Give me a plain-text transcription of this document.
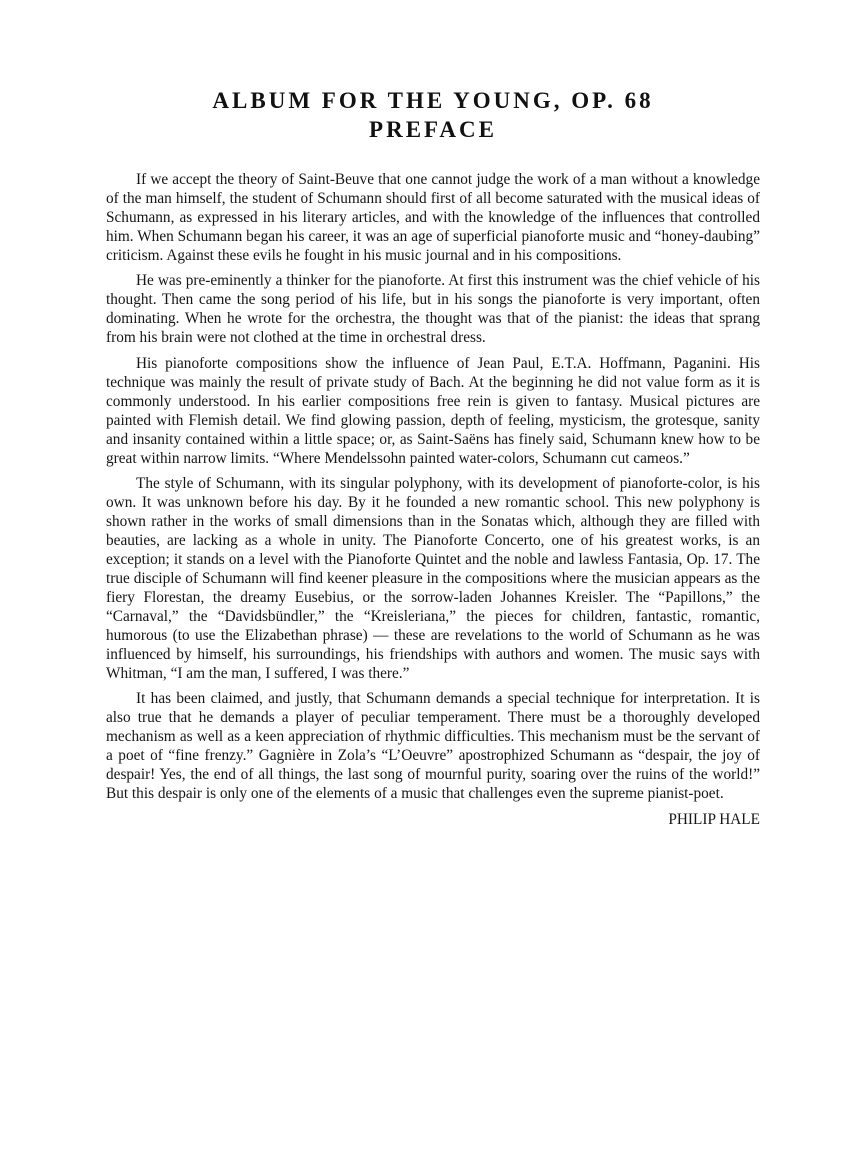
ALBUM FOR THE YOUNG, OP. 68
PREFACE

If we accept the theory of Saint-Beuve that one cannot judge the work of a man without a knowledge of the man himself, the student of Schumann should first of all become saturated with the musical ideas of Schumann, as expressed in his literary articles, and with the knowledge of the influences that controlled him. When Schumann began his career, it was an age of superficial pianoforte music and “honey-daubing” criticism. Against these evils he fought in his music journal and in his compositions.

He was pre-eminently a thinker for the pianoforte. At first this instrument was the chief vehicle of his thought. Then came the song period of his life, but in his songs the pianoforte is very important, often dominating. When he wrote for the orchestra, the thought was that of the pianist: the ideas that sprang from his brain were not clothed at the time in orchestral dress.

His pianoforte compositions show the influence of Jean Paul, E.T.A. Hoffmann, Paganini. His technique was mainly the result of private study of Bach. At the beginning he did not value form as it is commonly understood. In his earlier compositions free rein is given to fantasy. Musical pictures are painted with Flemish detail. We find glowing passion, depth of feeling, mysticism, the grotesque, sanity and insanity contained within a little space; or, as Saint-Saëns has finely said, Schumann knew how to be great within narrow limits. “Where Mendelssohn painted water-colors, Schumann cut cameos.”

The style of Schumann, with its singular polyphony, with its development of pianoforte-color, is his own. It was unknown before his day. By it he founded a new romantic school. This new polyphony is shown rather in the works of small dimensions than in the Sonatas which, although they are filled with beauties, are lacking as a whole in unity. The Pianoforte Concerto, one of his greatest works, is an exception; it stands on a level with the Pianoforte Quintet and the noble and lawless Fantasia, Op. 17. The true disciple of Schumann will find keener pleasure in the compositions where the musician appears as the fiery Florestan, the dreamy Eusebius, or the sorrow-laden Johannes Kreisler. The “Papillons,” the “Carnaval,” the “Davidsbündler,” the “Kreisleriana,” the pieces for children, fantastic, romantic, humorous (to use the Elizabethan phrase) — these are revelations to the world of Schumann as he was influenced by himself, his surroundings, his friendships with authors and women. The music says with Whitman, “I am the man, I suffered, I was there.”

It has been claimed, and justly, that Schumann demands a special technique for interpretation. It is also true that he demands a player of peculiar temperament. There must be a thoroughly developed mechanism as well as a keen appreciation of rhythmic difficulties. This mechanism must be the servant of a poet of “fine frenzy.” Gagnière in Zola’s “L’Oeuvre” apostrophized Schumann as “despair, the joy of despair! Yes, the end of all things, the last song of mournful purity, soaring over the ruins of the world!” But this despair is only one of the elements of a music that challenges even the supreme pianist-poet.

PHILIP HALE
